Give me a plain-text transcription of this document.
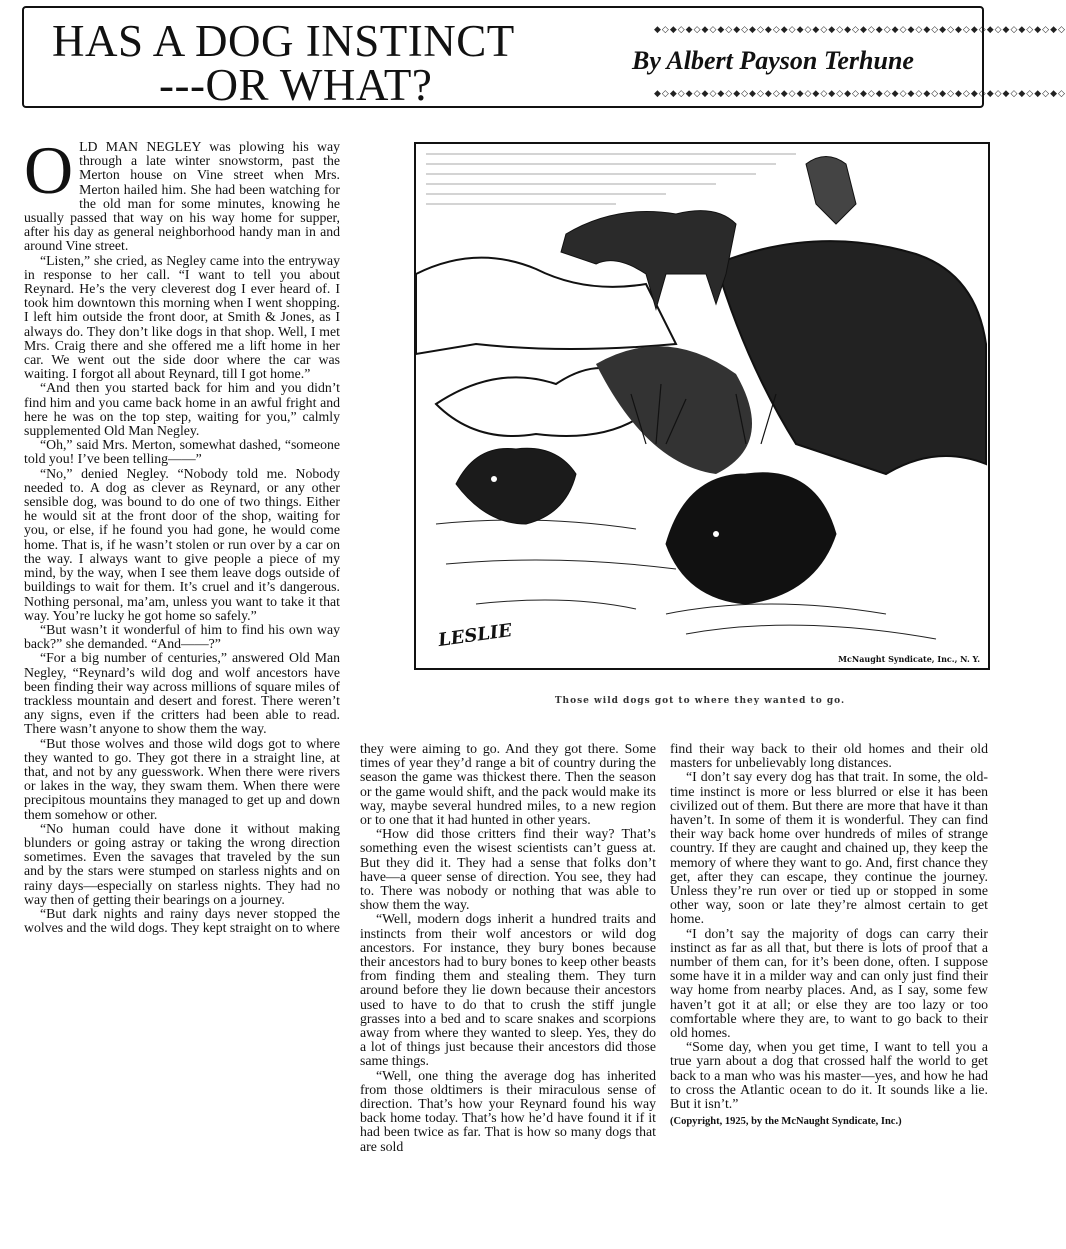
HAS A DOG INSTINCT
---OR WHAT?
◆◇◆◇◆◇◆◇◆◇◆◇◆◇◆◇◆◇◆◇◆◇◆◇◆◇◆◇◆◇◆◇◆◇◆◇◆◇◆◇◆◇◆◇◆◇◆◇◆◇◆◇
By Albert Payson Terhune
◆◇◆◇◆◇◆◇◆◇◆◇◆◇◆◇◆◇◆◇◆◇◆◇◆◇◆◇◆◇◆◇◆◇◆◇◆◇◆◇◆◇◆◇◆◇◆◇◆◇◆◇
O LD MAN NEGLEY was plowing his way through a late winter snowstorm, past the Merton house on Vine street when Mrs. Merton hailed him. She had been watching for the old man for some minutes, knowing he usually passed that way on his way home for supper, after his day as general neighborhood handy man in and around Vine street.

“Listen,” she cried, as Negley came into the entryway in response to her call. “I want to tell you about Reynard. He’s the very cleverest dog I ever heard of. I took him downtown this morning when I went shopping. I left him outside the front door, at Smith & Jones, as I always do. They don’t like dogs in that shop. Well, I met Mrs. Craig there and she offered me a lift home in her car. We went out the side door where the car was waiting. I forgot all about Reynard, till I got home.”

“And then you started back for him and you didn’t find him and you came back home in an awful fright and here he was on the top step, waiting for you,” calmly supplemented Old Man Negley.

“Oh,” said Mrs. Merton, somewhat dashed, “someone told you! I’ve been telling——”

“No,” denied Negley. “Nobody told me. Nobody needed to. A dog as clever as Reynard, or any other sensible dog, was bound to do one of two things. Either he would sit at the front door of the shop, waiting for you, or else, if he found you had gone, he would come home. That is, if he wasn’t stolen or run over by a car on the way. I always want to give people a piece of my mind, by the way, when I see them leave dogs outside of buildings to wait for them. It’s cruel and it’s dangerous. Nothing personal, ma’am, unless you want to take it that way. You’re lucky he got home so safely.”

“But wasn’t it wonderful of him to find his own way back?” she demanded. “And——?”

“For a big number of centuries,” answered Old Man Negley, “Reynard’s wild dog and wolf ancestors have been finding their way across millions of square miles of trackless mountain and desert and forest. There weren’t any signs, even if the critters had been able to read. There wasn’t anyone to show them the way.

“But those wolves and those wild dogs got to where they wanted to go. They got there in a straight line, at that, and not by any guesswork. When there were rivers or lakes in the way, they swam them. When there were precipitous mountains they managed to get up and down them somehow or other.

“No human could have done it without making blunders or going astray or taking the wrong direction sometimes. Even the savages that traveled by the sun and by the stars were stumped on starless nights and on rainy days—especially on starless nights. They had no way then of getting their bearings on a journey.

“But dark nights and rainy days never stopped the wolves and the wild dogs. They kept straight on to where

LESLIE
McNaught Syndicate, Inc., N. Y.
Those wild dogs got to where they wanted to go.

they were aiming to go. And they got there. Some times of year they’d range a bit of country during the season the game was thickest there. Then the season or the game would shift, and the pack would make its way, maybe several hundred miles, to a new region or to one that it had hunted in other years.

“How did those critters find their way? That’s something even the wisest scientists can’t guess at. But they did it. They had a sense that folks don’t have—a queer sense of direction. You see, they had to. There was nobody or nothing that was able to show them the way.

“Well, modern dogs inherit a hundred traits and instincts from their wolf ancestors or wild dog ancestors. For instance, they bury bones because their ancestors had to bury bones to keep other beasts from finding them and stealing them. They turn around before they lie down because their ancestors used to have to do that to crush the stiff jungle grasses into a bed and to scare snakes and scorpions away from where they wanted to sleep. Yes, they do a lot of things just because their ancestors did those same things.

“Well, one thing the average dog has inherited from those oldtimers is their miraculous sense of direction. That’s how your Reynard found his way back home today. That’s how he’d have found it if it had been twice as far. That is how so many dogs that are sold

find their way back to their old homes and their old masters for unbelievably long distances.

“I don’t say every dog has that trait. In some, the old-time instinct is more or less blurred or else it has been civilized out of them. But there are more that have it than haven’t. In some of them it is wonderful. They can find their way back home over hundreds of miles of strange country. If they are caught and chained up, they keep the memory of where they want to go. And, first chance they get, after they can escape, they continue the journey. Unless they’re run over or tied up or stopped in some other way, soon or late they’re almost certain to get home.

“I don’t say the majority of dogs can carry their instinct as far as all that, but there is lots of proof that a number of them can, for it’s been done, often. I suppose some have it in a milder way and can only just find their way home from nearby places. And, as I say, some few haven’t got it at all; or else they are too lazy or too comfortable where they are, to want to go back to their old homes.

“Some day, when you get time, I want to tell you a true yarn about a dog that crossed half the world to get back to a man who was his master—yes, and how he had to cross the Atlantic ocean to do it. It sounds like a lie. But it isn’t.”

(Copyright, 1925, by the McNaught Syndicate, Inc.)
